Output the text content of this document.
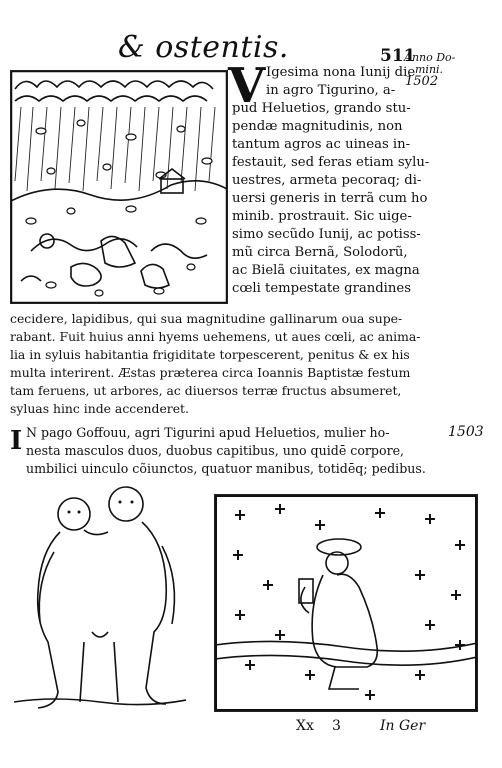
& ostentis.	511
Anno Do-
mini.
1502
V Igesima nona Iunij die
in agro Tigurino, a-
pud Heluetios, grando stu-
pendæ magnitudinis, non
tantum agros ac uineas in-
festauit, sed feras etiam sylu-
uestres, armeta pecoraq; di-
uersi generis in terrã cum ho
minib. prostrauit. Sic uige-
simo secũdo Iunij, ac potiss-
mũ circa Bernã, Solodorũ,
ac Bielã ciuitates, ex magna
cœli tempestate grandines
cecidere, lapidibus, qui sua magnitudine gallinarum oua supe-
rabant. Fuit huius anni hyems uehemens, ut aues cœli, ac anima-
lia in syluis habitantia frigiditate torpescerent, penitus & ex his
multa interirent. Æstas præterea circa Ioannis Baptistæ festum
tam feruens, ut arbores, ac diuersos terræ fructus absumeret,
syluas hinc inde accenderet.
I N pago Goffouu, agri Tigurini apud Heluetios, mulier ho-
nesta masculos duos, duobus capitibus, uno quidē corpore,
umbilici uinculo cõiunctos, quatuor manibus, totidēq; pedibus.
1503
Xx 3	In Ger
